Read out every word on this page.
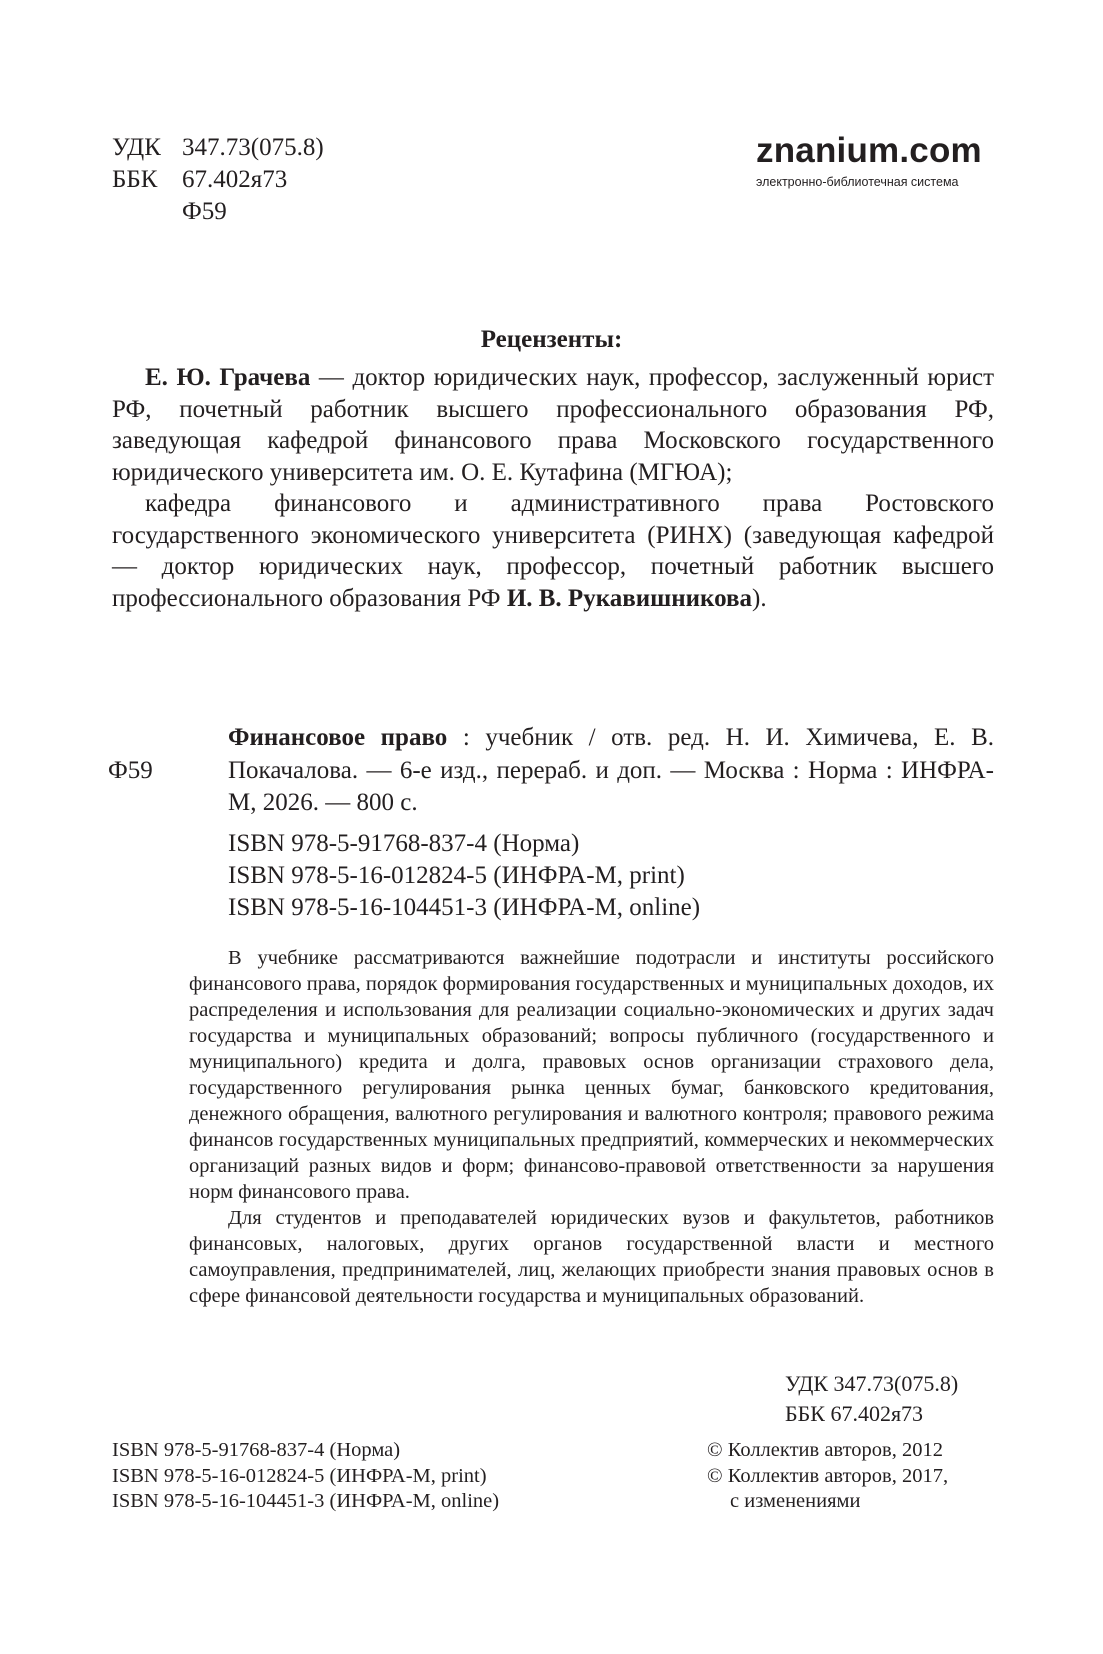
УДК 347.73(075.8)
ББК 67.402я73
Ф59
znanium.com
электронно-библиотечная система
Рецензенты:

Е. Ю. Грачева — доктор юридических наук, профессор, заслуженный юрист РФ, почетный работник высшего профессионального образования РФ, заведующая кафедрой финансового права Московского государственного юридического университета им. О. Е. Кутафина (МГЮА);

кафедра финансового и административного права Ростовского государственного экономического университета (РИНХ) (заведующая кафедрой — доктор юридических наук, профессор, почетный работник высшего профессионального образования РФ И. В. Рукавишникова).

Ф59

Финансовое право : учебник / отв. ред. Н. И. Химичева, Е. В. Покачалова. — 6-е изд., перераб. и доп. — Москва : Норма : ИНФРА-М, 2026. — 800 с.

ISBN 978-5-91768-837-4 (Норма)
ISBN 978-5-16-012824-5 (ИНФРА-М, print)
ISBN 978-5-16-104451-3 (ИНФРА-М, online)

В учебнике рассматриваются важнейшие подотрасли и институты российского финансового права, порядок формирования государственных и муниципальных доходов, их распределения и использования для реализации социально-экономических и других задач государства и муниципальных образований; вопросы публичного (государственного и муниципального) кредита и долга, правовых основ организации страхового дела, государственного регулирования рынка ценных бумаг, банковского кредитования, денежного обращения, валютного регулирования и валютного контроля; правового режима финансов государственных муниципальных предприятий, коммерческих и некоммерческих организаций разных видов и форм; финансово-правовой ответственности за нарушения норм финансового права.

Для студентов и преподавателей юридических вузов и факультетов, работников финансовых, налоговых, других органов государственной власти и местного самоуправления, предпринимателей, лиц, желающих приобрести знания правовых основ в сфере финансовой деятельности государства и муниципальных образований.

УДК 347.73(075.8)
ББК 67.402я73
ISBN 978-5-91768-837-4 (Норма)
ISBN 978-5-16-012824-5 (ИНФРА-М, print)
ISBN 978-5-16-104451-3 (ИНФРА-М, online)
© Коллектив авторов, 2012
© Коллектив авторов, 2017,
с изменениями
